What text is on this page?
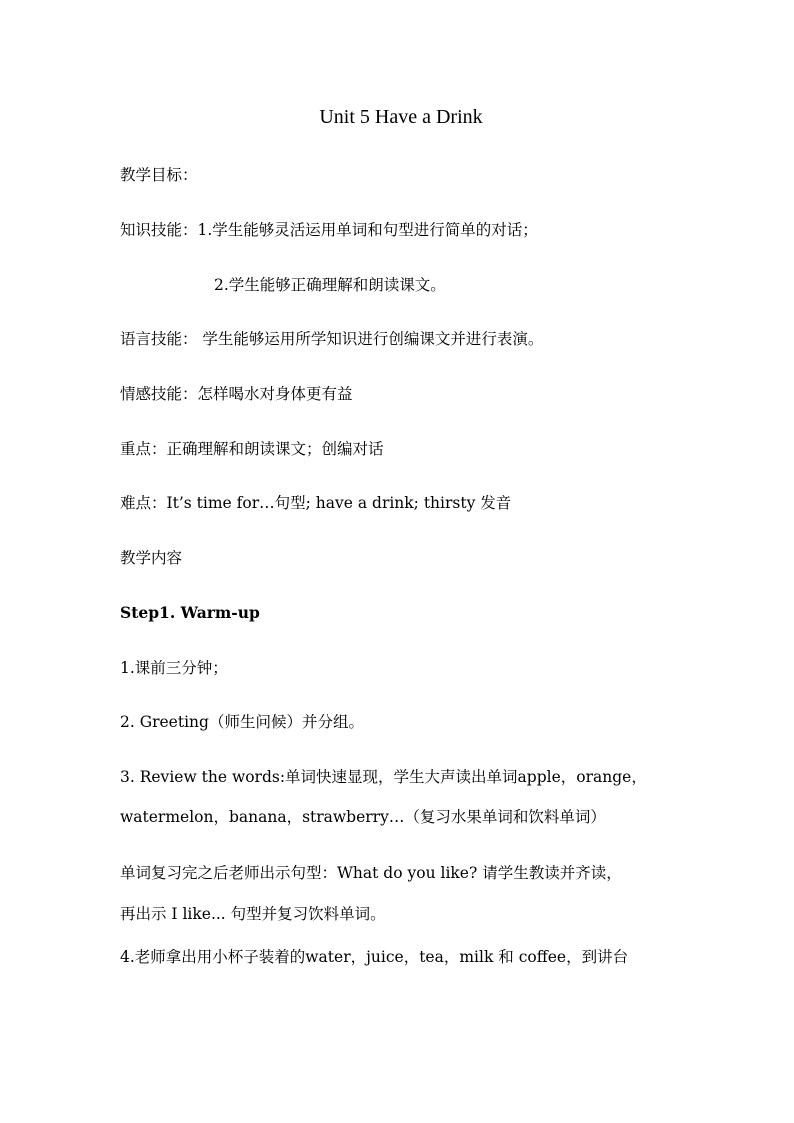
Unit 5 Have a Drink
教学目标：
知识技能：1.学生能够灵活运用单词和句型进行简单的对话；
2.学生能够正确理解和朗读课文。
语言技能： 学生能够运用所学知识进行创编课文并进行表演。
情感技能：怎样喝水对身体更有益
重点：正确理解和朗读课文；创编对话
难点：It’s time for…句型; have a drink; thirsty 发音
教学内容
Step1. Warm-up
1.课前三分钟；
2. Greeting（师生问候）并分组。
3. Review the words:单词快速显现，学生大声读出单词apple，orange，
watermelon，banana，strawberry…（复习水果单词和饮料单词）
单词复习完之后老师出示句型：What do you like? 请学生教读并齐读，
再出示 I like... 句型并复习饮料单词。
4.老师拿出用小杯子装着的water，juice，tea，milk 和 coffee，到讲台
